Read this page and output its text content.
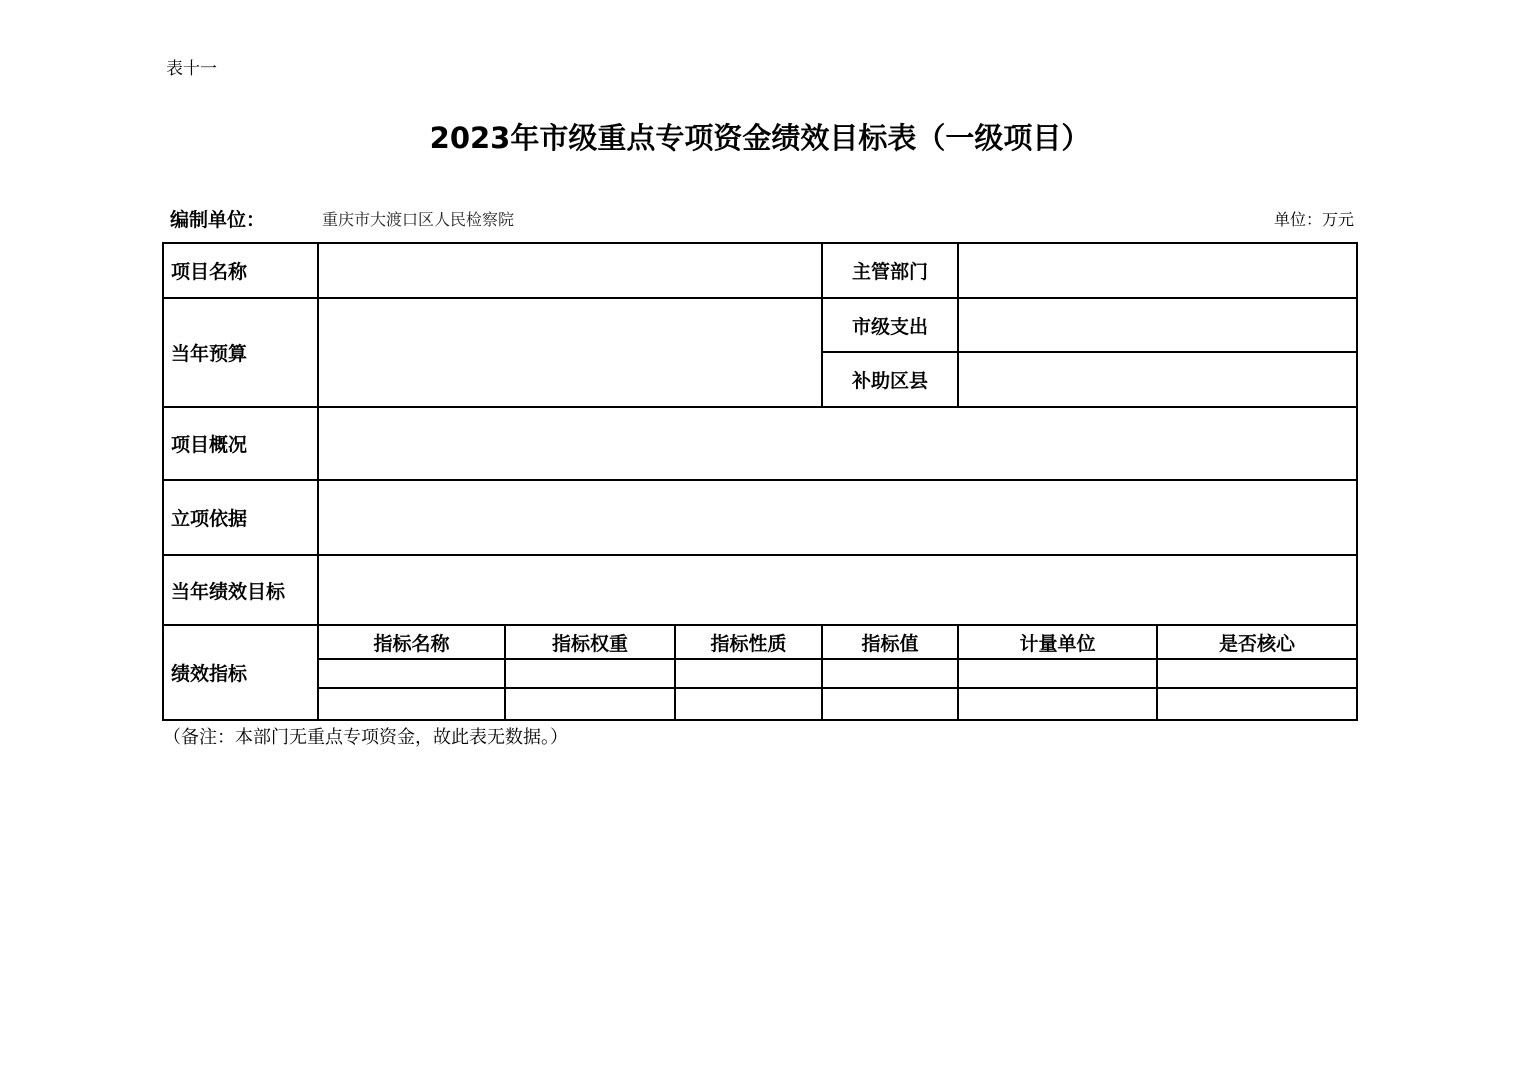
表十一
2023年市级重点专项资金绩效目标表（一级项目）
编制单位：	重庆市大渡口区人民检察院	单位：万元
项目名称				主管部门		
当年预算				市级支出		
				补助区县		
项目概况						
立项依据						
当年绩效目标						
绩效指标	指标名称	指标权重	指标性质	指标值	计量单位	是否核心

（备注：本部门无重点专项资金，故此表无数据。）
